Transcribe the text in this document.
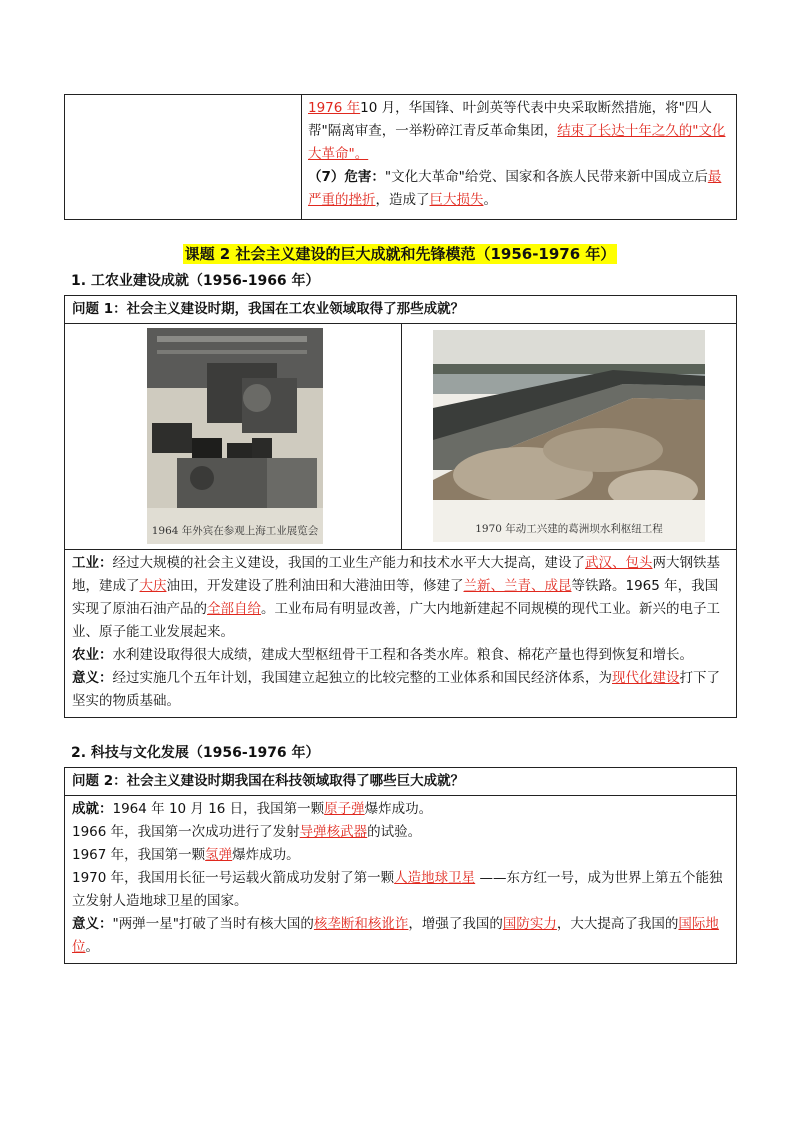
1976 年10 月，华国锋、叶剑英等代表中央采取断然措施，将"四人帮"隔离审查，一举粉碎江青反革命集团，结束了长达十年之久的"文化大革命"。

（7）危害："文化大革命"给党、国家和各族人民带来新中国成立后最严重的挫折，造成了巨大损失。

课题 2 社会主义建设的巨大成就和先锋模范（1956-1976 年）
1. 工农业建设成就（1956-1966 年）
问题 1：社会主义建设时期，我国在工农业领域取得了那些成就？
1964 年外宾在参观上海工业展览会	1970 年动工兴建的葛洲坝水利枢纽工程

工业：经过大规模的社会主义建设，我国的工业生产能力和技术水平大大提高，建设了武汉、包头两大钢铁基地，建成了大庆油田，开发建设了胜利油田和大港油田等，修建了兰新、兰青、成昆等铁路。1965 年，我国实现了原油石油产品的全部自给。工业布局有明显改善，广大内地新建起不同规模的现代工业。新兴的电子工业、原子能工业发展起来。

农业：水利建设取得很大成绩，建成大型枢纽骨干工程和各类水库。粮食、棉花产量也得到恢复和增长。

意义：经过实施几个五年计划，我国建立起独立的比较完整的工业体系和国民经济体系，为现代化建设打下了坚实的物质基础。

2. 科技与文化发展（1956-1976 年）
问题 2：社会主义建设时期我国在科技领域取得了哪些巨大成就？

成就：1964 年 10 月 16 日，我国第一颗原子弹爆炸成功。

1966 年，我国第一次成功进行了发射导弹核武器的试验。

1967 年，我国第一颗氢弹爆炸成功。

1970 年，我国用长征一号运载火箭成功发射了第一颗人造地球卫星 ——东方红一号，成为世界上第五个能独立发射人造地球卫星的国家。

意义："两弹一星"打破了当时有核大国的核垄断和核讹诈，增强了我国的国防实力，大大提高了我国的国际地位。
